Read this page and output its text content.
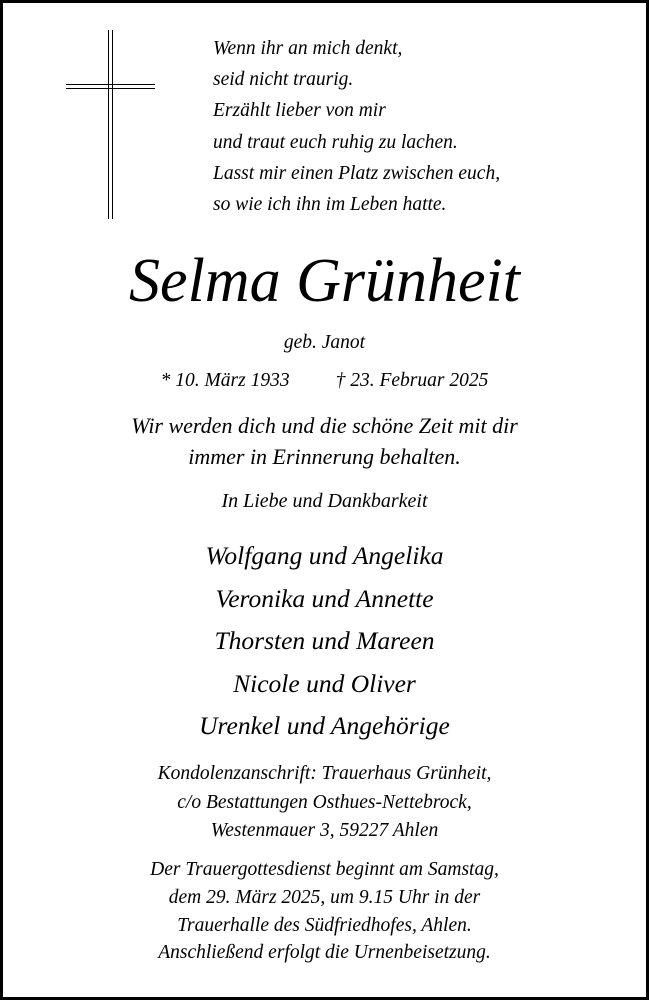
Wenn ihr an mich denkt,
seid nicht traurig.
Erzählt lieber von mir
und traut euch ruhig zu lachen.
Lasst mir einen Platz zwischen euch,
so wie ich ihn im Leben hatte.
Selma Grünheit
geb. Janot
* 10. März 1933 † 23. Februar 2025
Wir werden dich und die schöne Zeit mit dir
immer in Erinnerung behalten.
In Liebe und Dankbarkeit
Wolfgang und Angelika
Veronika und Annette
Thorsten und Mareen
Nicole und Oliver
Urenkel und Angehörige
Kondolenzanschrift: Trauerhaus Grünheit,
c/o Bestattungen Osthues-Nettebrock,
Westenmauer 3, 59227 Ahlen
Der Trauergottesdienst beginnt am Samstag,
dem 29. März 2025, um 9.15 Uhr in der
Trauerhalle des Südfriedhofes, Ahlen.
Anschließend erfolgt die Urnenbeisetzung.
